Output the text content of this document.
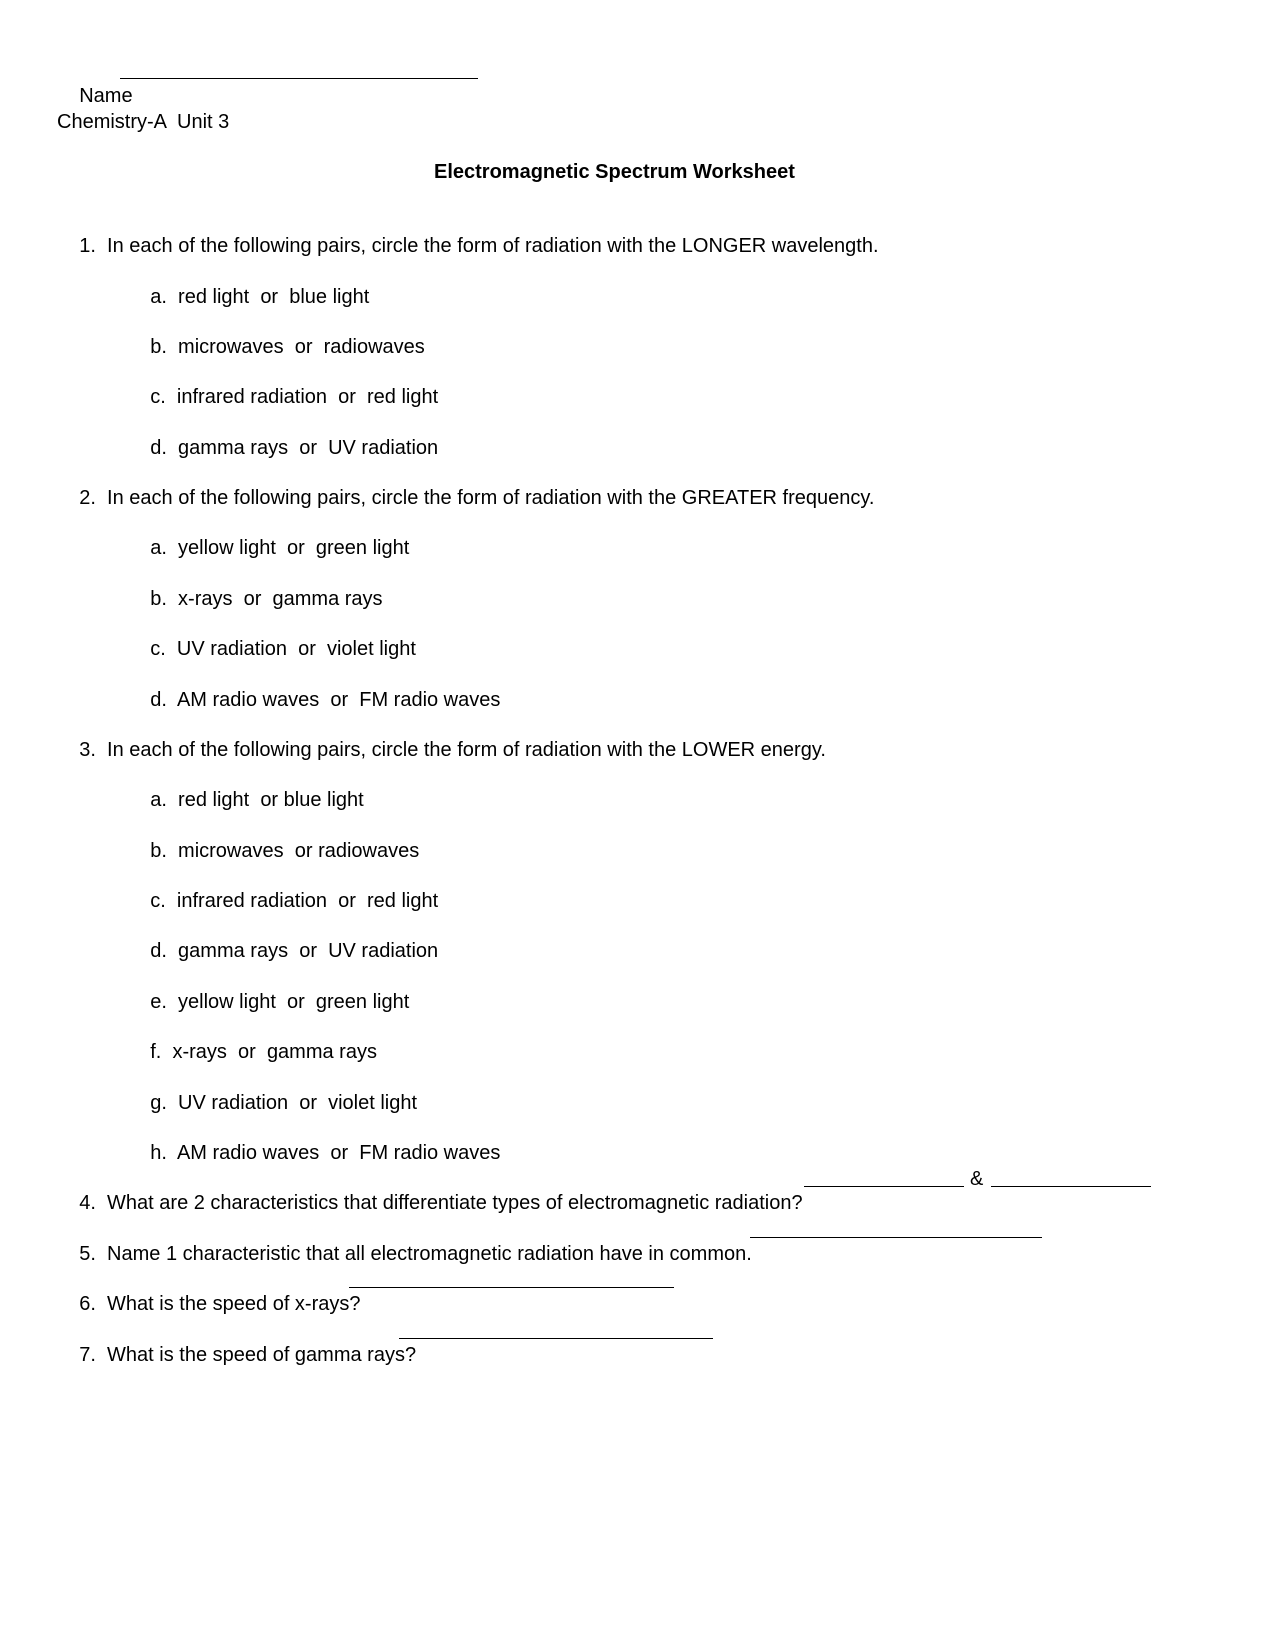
Name

Chemistry-A  Unit 3
Electromagnetic Spectrum Worksheet

1. In each of the following pairs, circle the form of radiation with the LONGER wavelength.

a. red light  or  blue light

b. microwaves  or  radiowaves

c. infrared radiation  or  red light

d. gamma rays  or  UV radiation

2. In each of the following pairs, circle the form of radiation with the GREATER frequency.

a. yellow light  or  green light

b. x-rays  or  gamma rays

c. UV radiation  or  violet light

d. AM radio waves  or  FM radio waves

3. In each of the following pairs, circle the form of radiation with the LOWER energy.

a. red light  or blue light

b. microwaves  or radiowaves

c. infrared radiation  or  red light

d. gamma rays  or  UV radiation

e. yellow light  or  green light

f. x-rays  or  gamma rays

g. UV radiation  or  violet light

h. AM radio waves  or  FM radio waves

4. What are 2 characteristics that differentiate types of electromagnetic radiation?

&

5. Name 1 characteristic that all electromagnetic radiation have in common.

6. What is the speed of x-rays?

7. What is the speed of gamma rays?
